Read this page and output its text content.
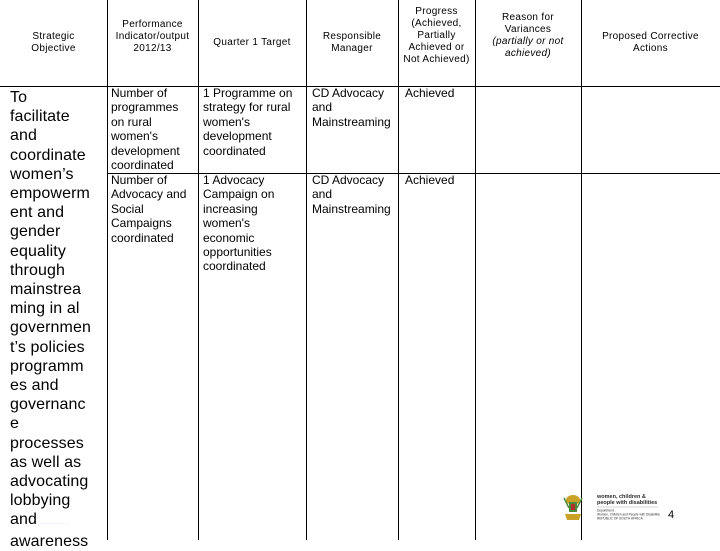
Strategic
Objective
Performance
Indicator/output
2012/13
Quarter 1 Target
Responsible
Manager
Progress
(Achieved,
Partially
Achieved or
Not Achieved)
Reason for
Variances
(partially or not
achieved)
Proposed Corrective
Actions
To
facilitate
and
coordinate
women’s
empowerm
ent and
gender
equality
through
mainstrea
ming in al
governmen
t’s policies
programm
es and
governanc
e
processes
as well as
advocating
lobbying
and ............
awareness
Number of
programmes
on rural
women's
development
coordinated
1 Programme on
strategy for rural
women's
development
coordinated
CD Advocacy
and
Mainstreaming
Achieved
Number of
Advocacy and
Social
Campaigns
coordinated
1 Advocacy
Campaign on
increasing
women's
economic
opportunities
coordinated
CD Advocacy
and
Mainstreaming
Achieved
women, children &
people with disabilities
Department:
Women, Children and People with Disabilities
REPUBLIC OF SOUTH AFRICA 4
